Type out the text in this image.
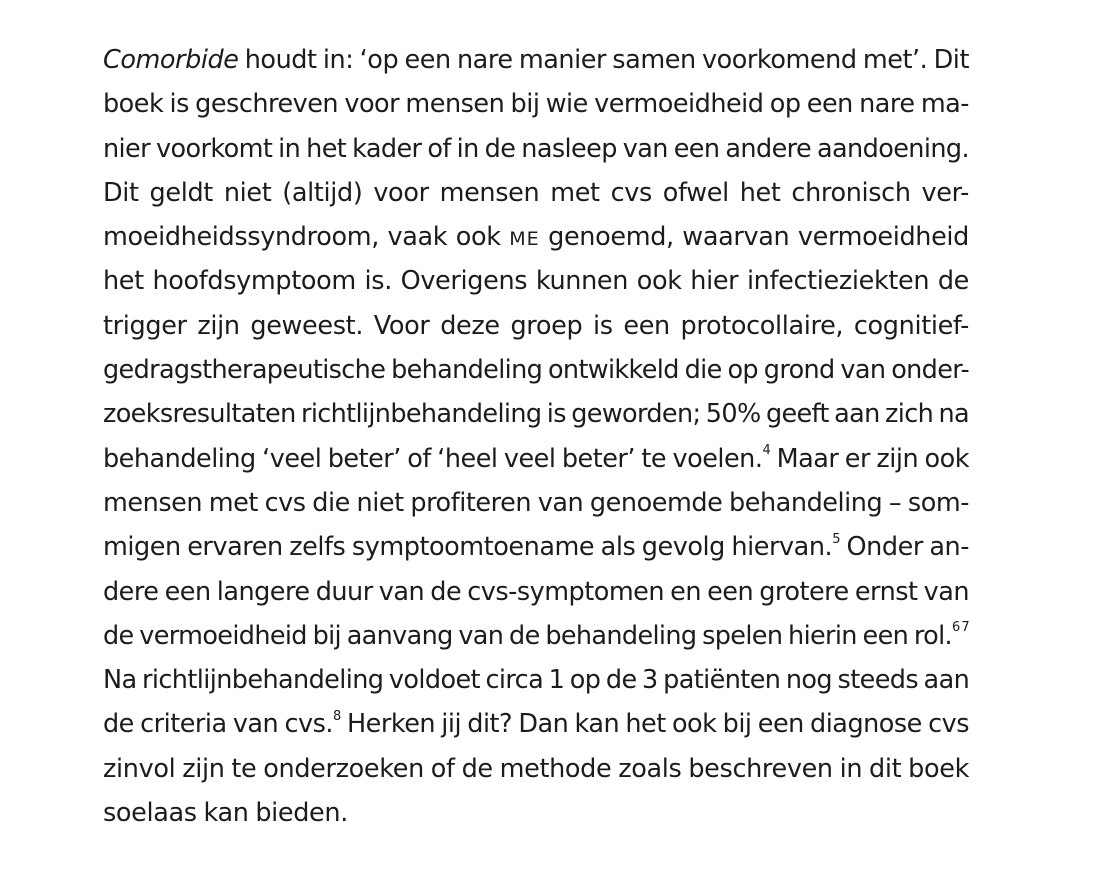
Comorbide houdt in: ‘op een nare manier samen voorkomend met’. Dit
boek is geschreven voor mensen bij wie vermoeidheid op een nare ma-
nier voorkomt in het kader of in de nasleep van een andere aandoening.
Dit geldt niet (altijd) voor mensen met cvs ofwel het chronisch ver-
moeidheidssyndroom, vaak ook ME genoemd, waarvan vermoeidheid
het hoofdsymptoom is. Overigens kunnen ook hier infectieziekten de
trigger zijn geweest. Voor deze groep is een protocollaire, cognitief-
gedragstherapeutische behandeling ontwikkeld die op grond van onder-
zoeksresultaten richtlijnbehandeling is geworden; 50% geeft aan zich na
behandeling ‘veel beter’ of ‘heel veel beter’ te voelen.$^4$ Maar er zijn ook
mensen met cvs die niet profiteren van genoemde behandeling – som-
migen ervaren zelfs symptoomtoename als gevolg hiervan.$^5$ Onder an-
dere een langere duur van de cvs-symptomen en een grotere ernst van
de vermoeidheid bij aanvang van de behandeling spelen hierin een rol.$^{6 7}$
Na richtlijnbehandeling voldoet circa 1 op de 3 patiënten nog steeds aan
de criteria van cvs.$^8$ Herken jij dit? Dan kan het ook bij een diagnose cvs
zinvol zijn te onderzoeken of de methode zoals beschreven in dit boek
soelaas kan bieden.
